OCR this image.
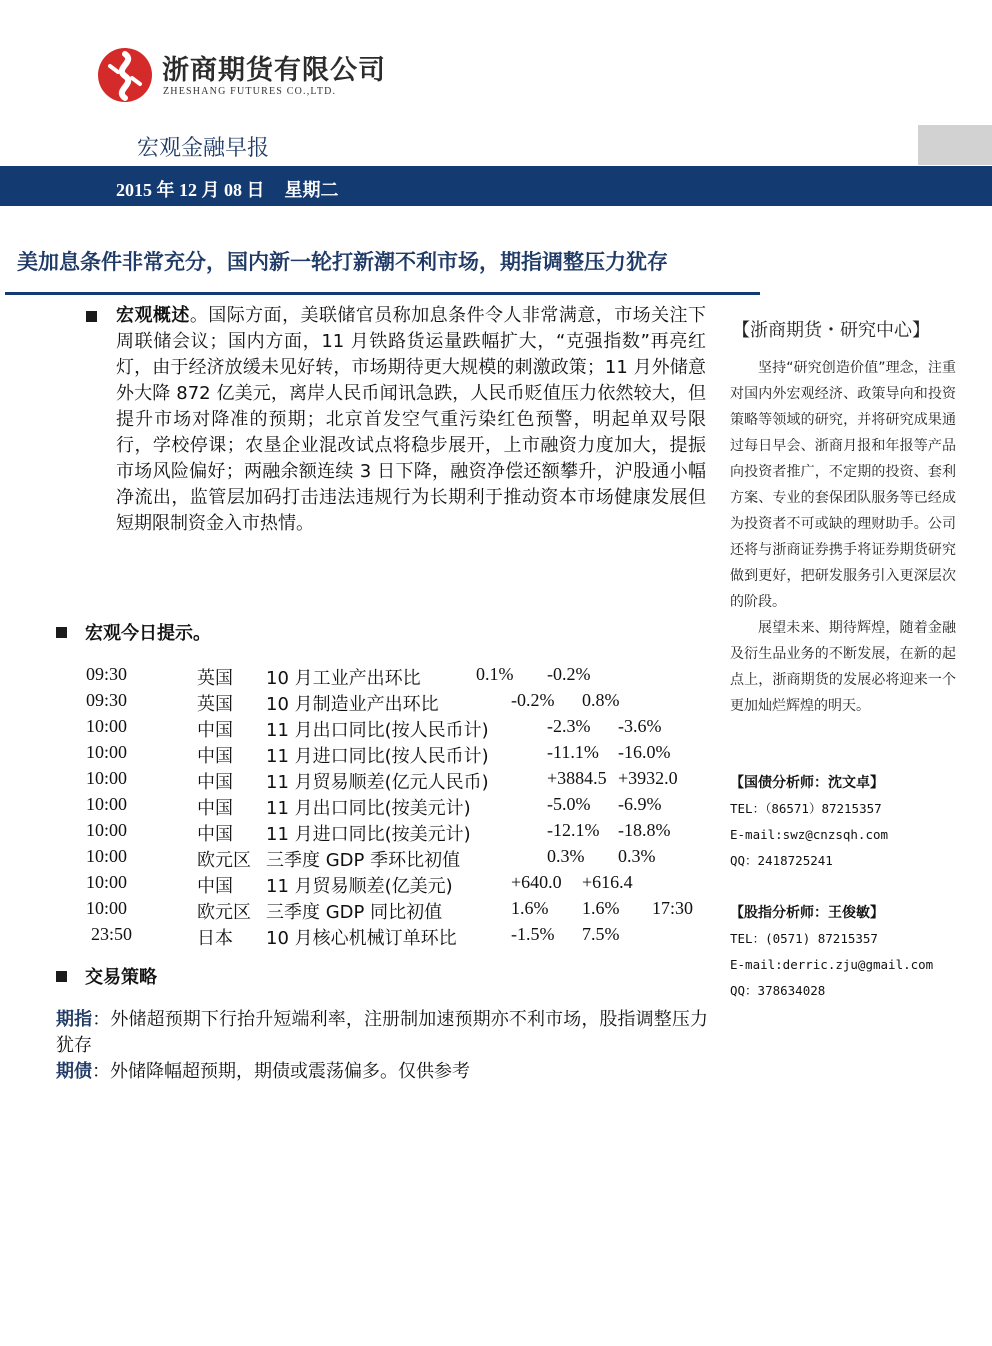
浙商期货有限公司
ZHESHANG FUTURES CO.,LTD.
宏观金融早报
2015 年 12 月 08 日 星期二
美加息条件非常充分，国内新一轮打新潮不利市场，期指调整压力犹存
宏观概述。国际方面，美联储官员称加息条件令人非常满意，市场关注下周联储会议；国内方面，11 月铁路货运量跌幅扩大，“克强指数”再亮红灯，由于经济放缓未见好转，市场期待更大规模的刺激政策；11 月外储意外大降 872 亿美元，离岸人民币闻讯急跌，人民币贬值压力依然较大，但提升市场对降准的预期；北京首发空气重污染红色预警，明起单双号限行，学校停课；农垦企业混改试点将稳步展开，上市融资力度加大，提振市场风险偏好；两融余额连续 3 日下降，融资净偿还额攀升，沪股通小幅净流出，监管层加码打击违法违规行为长期利于推动资本市场健康发展但短期限制资金入市热情。
宏观今日提示。
09:30	英国 10 月工业产出环比	0.1% -0.2%
09:30	英国 10 月制造业产出环比	-0.2% 0.8%
10:00	中国 11 月出口同比(按人民币计)	-2.3% -3.6%
10:00	中国 11 月进口同比(按人民币计)	-11.1% -16.0%
10:00	中国 11 月贸易顺差(亿元人民币)	+3884.5 +3932.0
10:00	中国 11 月出口同比(按美元计)	-5.0% -6.9%
10:00	中国 11 月进口同比(按美元计)	-12.1% -18.8%
10:00	欧元区 三季度 GDP 季环比初值	0.3% 0.3%
10:00	中国 11 月贸易顺差(亿美元)	+640.0 +616.4
10:00	欧元区 三季度 GDP 同比初值	1.6% 1.6% 17:30
23:50	日本 10 月核心机械订单环比	-1.5% 7.5%
交易策略
期指：外储超预期下行抬升短端利率，注册制加速预期亦不利市场，股指调整压力犹存
期债：外储降幅超预期，期债或震荡偏多。仅供参考
【浙商期货・研究中心】

坚持“研究创造价值”理念，注重对国内外宏观经济、政策导向和投资策略等领域的研究，并将研究成果通过每日早会、浙商月报和年报等产品向投资者推广，不定期的投资、套利方案、专业的套保团队服务等已经成为投资者不可或缺的理财助手。公司还将与浙商证券携手将证券期货研究做到更好，把研发服务引入更深层次的阶段。

展望未来、期待辉煌，随着金融及衍生品业务的不断发展，在新的起点上，浙商期货的发展必将迎来一个更加灿烂辉煌的明天。

【国债分析师：沈文卓】
TEL：（86571）87215357
E-mail:swz@cnzsqh.com
QQ：2418725241
【股指分析师：王俊敏】
TEL：(0571) 87215357
E-mail:derric.zju@gmail.com
QQ：378634028
